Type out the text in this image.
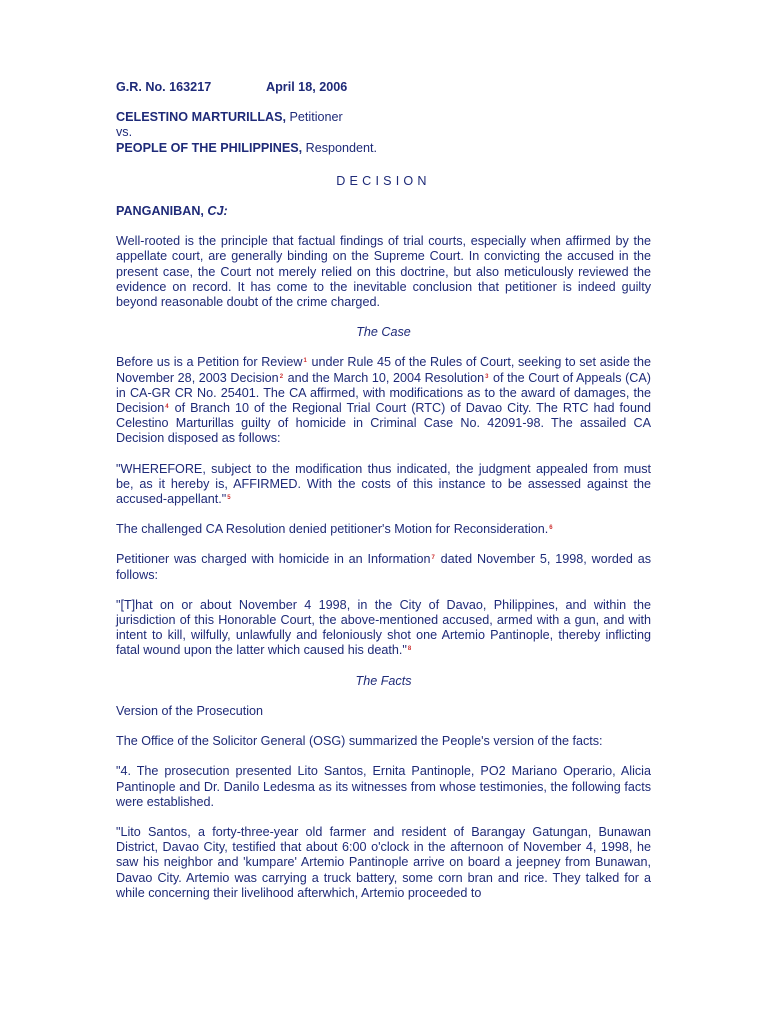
G.R. No. 163217	April 18, 2006
CELESTINO MARTURILLAS, Petitioner
vs.
PEOPLE OF THE PHILIPPINES, Respondent.
DECISION
PANGANIBAN, CJ:

Well-rooted is the principle that factual findings of trial courts, especially when affirmed by the appellate court, are generally binding on the Supreme Court. In convicting the accused in the present case, the Court not merely relied on this doctrine, but also meticulously reviewed the evidence on record. It has come to the inevitable conclusion that petitioner is indeed guilty beyond reasonable doubt of the crime charged.

The Case

Before us is a Petition for Review$^1$ under Rule 45 of the Rules of Court, seeking to set aside the November 28, 2003 Decision$^2$ and the March 10, 2004 Resolution$^3$ of the Court of Appeals (CA) in CA-GR CR No. 25401. The CA affirmed, with modifications as to the award of damages, the Decision$^4$ of Branch 10 of the Regional Trial Court (RTC) of Davao City. The RTC had found Celestino Marturillas guilty of homicide in Criminal Case No. 42091-98. The assailed CA Decision disposed as follows:

"WHEREFORE, subject to the modification thus indicated, the judgment appealed from must be, as it hereby is, AFFIRMED. With the costs of this instance to be assessed against the accused-appellant."$^5$

The challenged CA Resolution denied petitioner's Motion for Reconsideration.$^6$

Petitioner was charged with homicide in an Information$^7$ dated November 5, 1998, worded as follows:

"[T]hat on or about November 4 1998, in the City of Davao, Philippines, and within the jurisdiction of this Honorable Court, the above-mentioned accused, armed with a gun, and with intent to kill, wilfully, unlawfully and feloniously shot one Artemio Pantinople, thereby inflicting fatal wound upon the latter which caused his death."$^8$

The Facts

Version of the Prosecution

The Office of the Solicitor General (OSG) summarized the People's version of the facts:

"4. The prosecution presented Lito Santos, Ernita Pantinople, PO2 Mariano Operario, Alicia Pantinople and Dr. Danilo Ledesma as its witnesses from whose testimonies, the following facts were established.

"Lito Santos, a forty-three-year old farmer and resident of Barangay Gatungan, Bunawan District, Davao City, testified that about 6:00 o'clock in the afternoon of November 4, 1998, he saw his neighbor and 'kumpare' Artemio Pantinople arrive on board a jeepney from Bunawan, Davao City. Artemio was carrying a truck battery, some corn bran and rice. They talked for a while concerning their livelihood afterwhich, Artemio proceeded to
